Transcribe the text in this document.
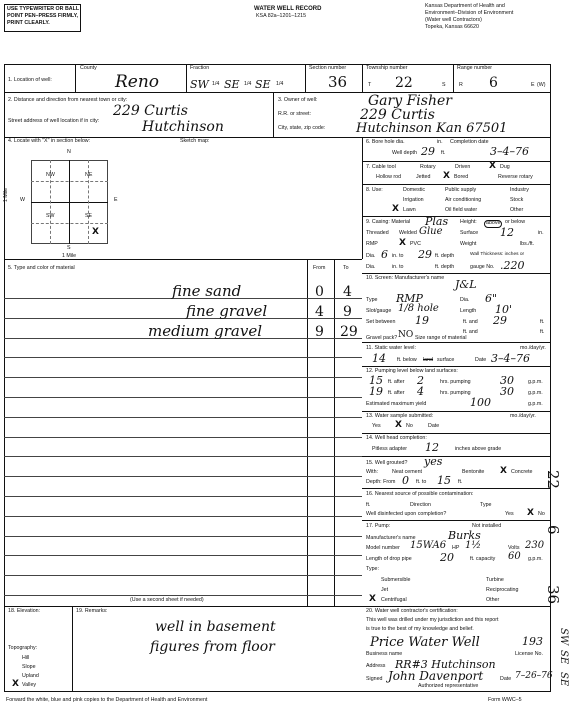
USE TYPEWRITER OR BALL
POINT PEN–PRESS FIRMLY,
PRINT CLEARLY.
WATER WELL RECORD
KSA 82a–1201–1215
Kansas Department of Health and
Environment–Division of Environment
(Water well Contractors)
Topeka, Kansas 66620
1. Location of well:
County
Reno
Fraction
SW 1/4 SE 1/4 SE 1/4
Section number
36
Township number
T 22	S
Range number
R 6	E (W)
2. Distance and direction from nearest town or city:
Street address of well location if in city:
229 Curtis
Hutchinson
3. Owner of well:
R.R. or street:
City, state, zip code:
Gary Fisher
229 Curtis
Hutchinson Kan 67501
4. Locate with "X" in section below:	Sketch map:
N
S
E
W
NW	NE
SW	SE
X
1 Mile
1 Mile
6. Bore hole dia.	in. Completion date
Well depth 29 ft.	3–4–76
7. Cable tool	Rotary	Driven	Dug
X
Hollow rod	Jetted X Bored	Reverse rotary
8. Use:	Domestic	Public supply	Industry
Irrigation	Air conditioning	Stock
X Lawn	Oil field water	Other
9. Casing: Material Plas Height:	above or below
Threaded Welded Glue	Surface 12	in.
RMP	PVC
X	Weight	lbs./ft.
Dia. 6 in. to 29 ft. depth	Wall Thickness: inches or
Dia.	in. to	ft. depth	gauge No. .220
5. Type and color of material	From	To
(Use a second sheet if needed)
fine sand	0 4
fine gravel	4 9
medium gravel	9 29
10. Screen: Manufacturer's name J&L
Type RMP	Dia. 6"
Slot/gauge 1/8 hole	Length 10'
Set between 19	ft. and 29	ft.
ft. and	ft.
Gravel pack? NO Size range of material
11. Static water level:	mo./day/yr.
14 ft. below land surface	Date 3–4–76
12. Pumping level below land surfaces:
15 ft. after 2	hrs. pumping	30	g.p.m.
19 ft. after 4	hrs. pumping	30	g.p.m.
Estimated maximum yield	100	g.p.m.
13. Water sample submitted:	mo./day/yr.
Yes X No	Date
14. Well head completion:
Pitless adapter 12	inches above grade
15. Well grouted? yes
With:	Neat cement	Bentonite X Concrete
Depth: From 0 ft. to 15 ft.
16. Nearest source of possible contamination:
ft.	Direction	Type
Well disinfected upon completion?	Yes X No
17. Pump:	Not installed
Manufacturer's name	Burks
Model number 15WA6 HP 1½	Volts 230
Length of drop pipe	20	ft. capacity 60 g.p.m.
Type:
Submersible	Turbine
Jet	Reciprocating
X Centrifugal	Other
18. Elevation:
Topography:
Hill
Slope
Upland
X Valley
19. Remarks:
well in basement
figures from floor
20. Water well contractor's certification:
This well was drilled under my jurisdiction and this report
is true to the best of my knowledge and belief.
Price Water Well	193
Business name	License No.
Address RR#3 Hutchinson
Signed John Davenport	7–26–76
Authorized representative
Date
22
6
36
SW
SE
SE
Forward the white, blue and pink copies to the Department of Health and Environment	Form WWC–5
